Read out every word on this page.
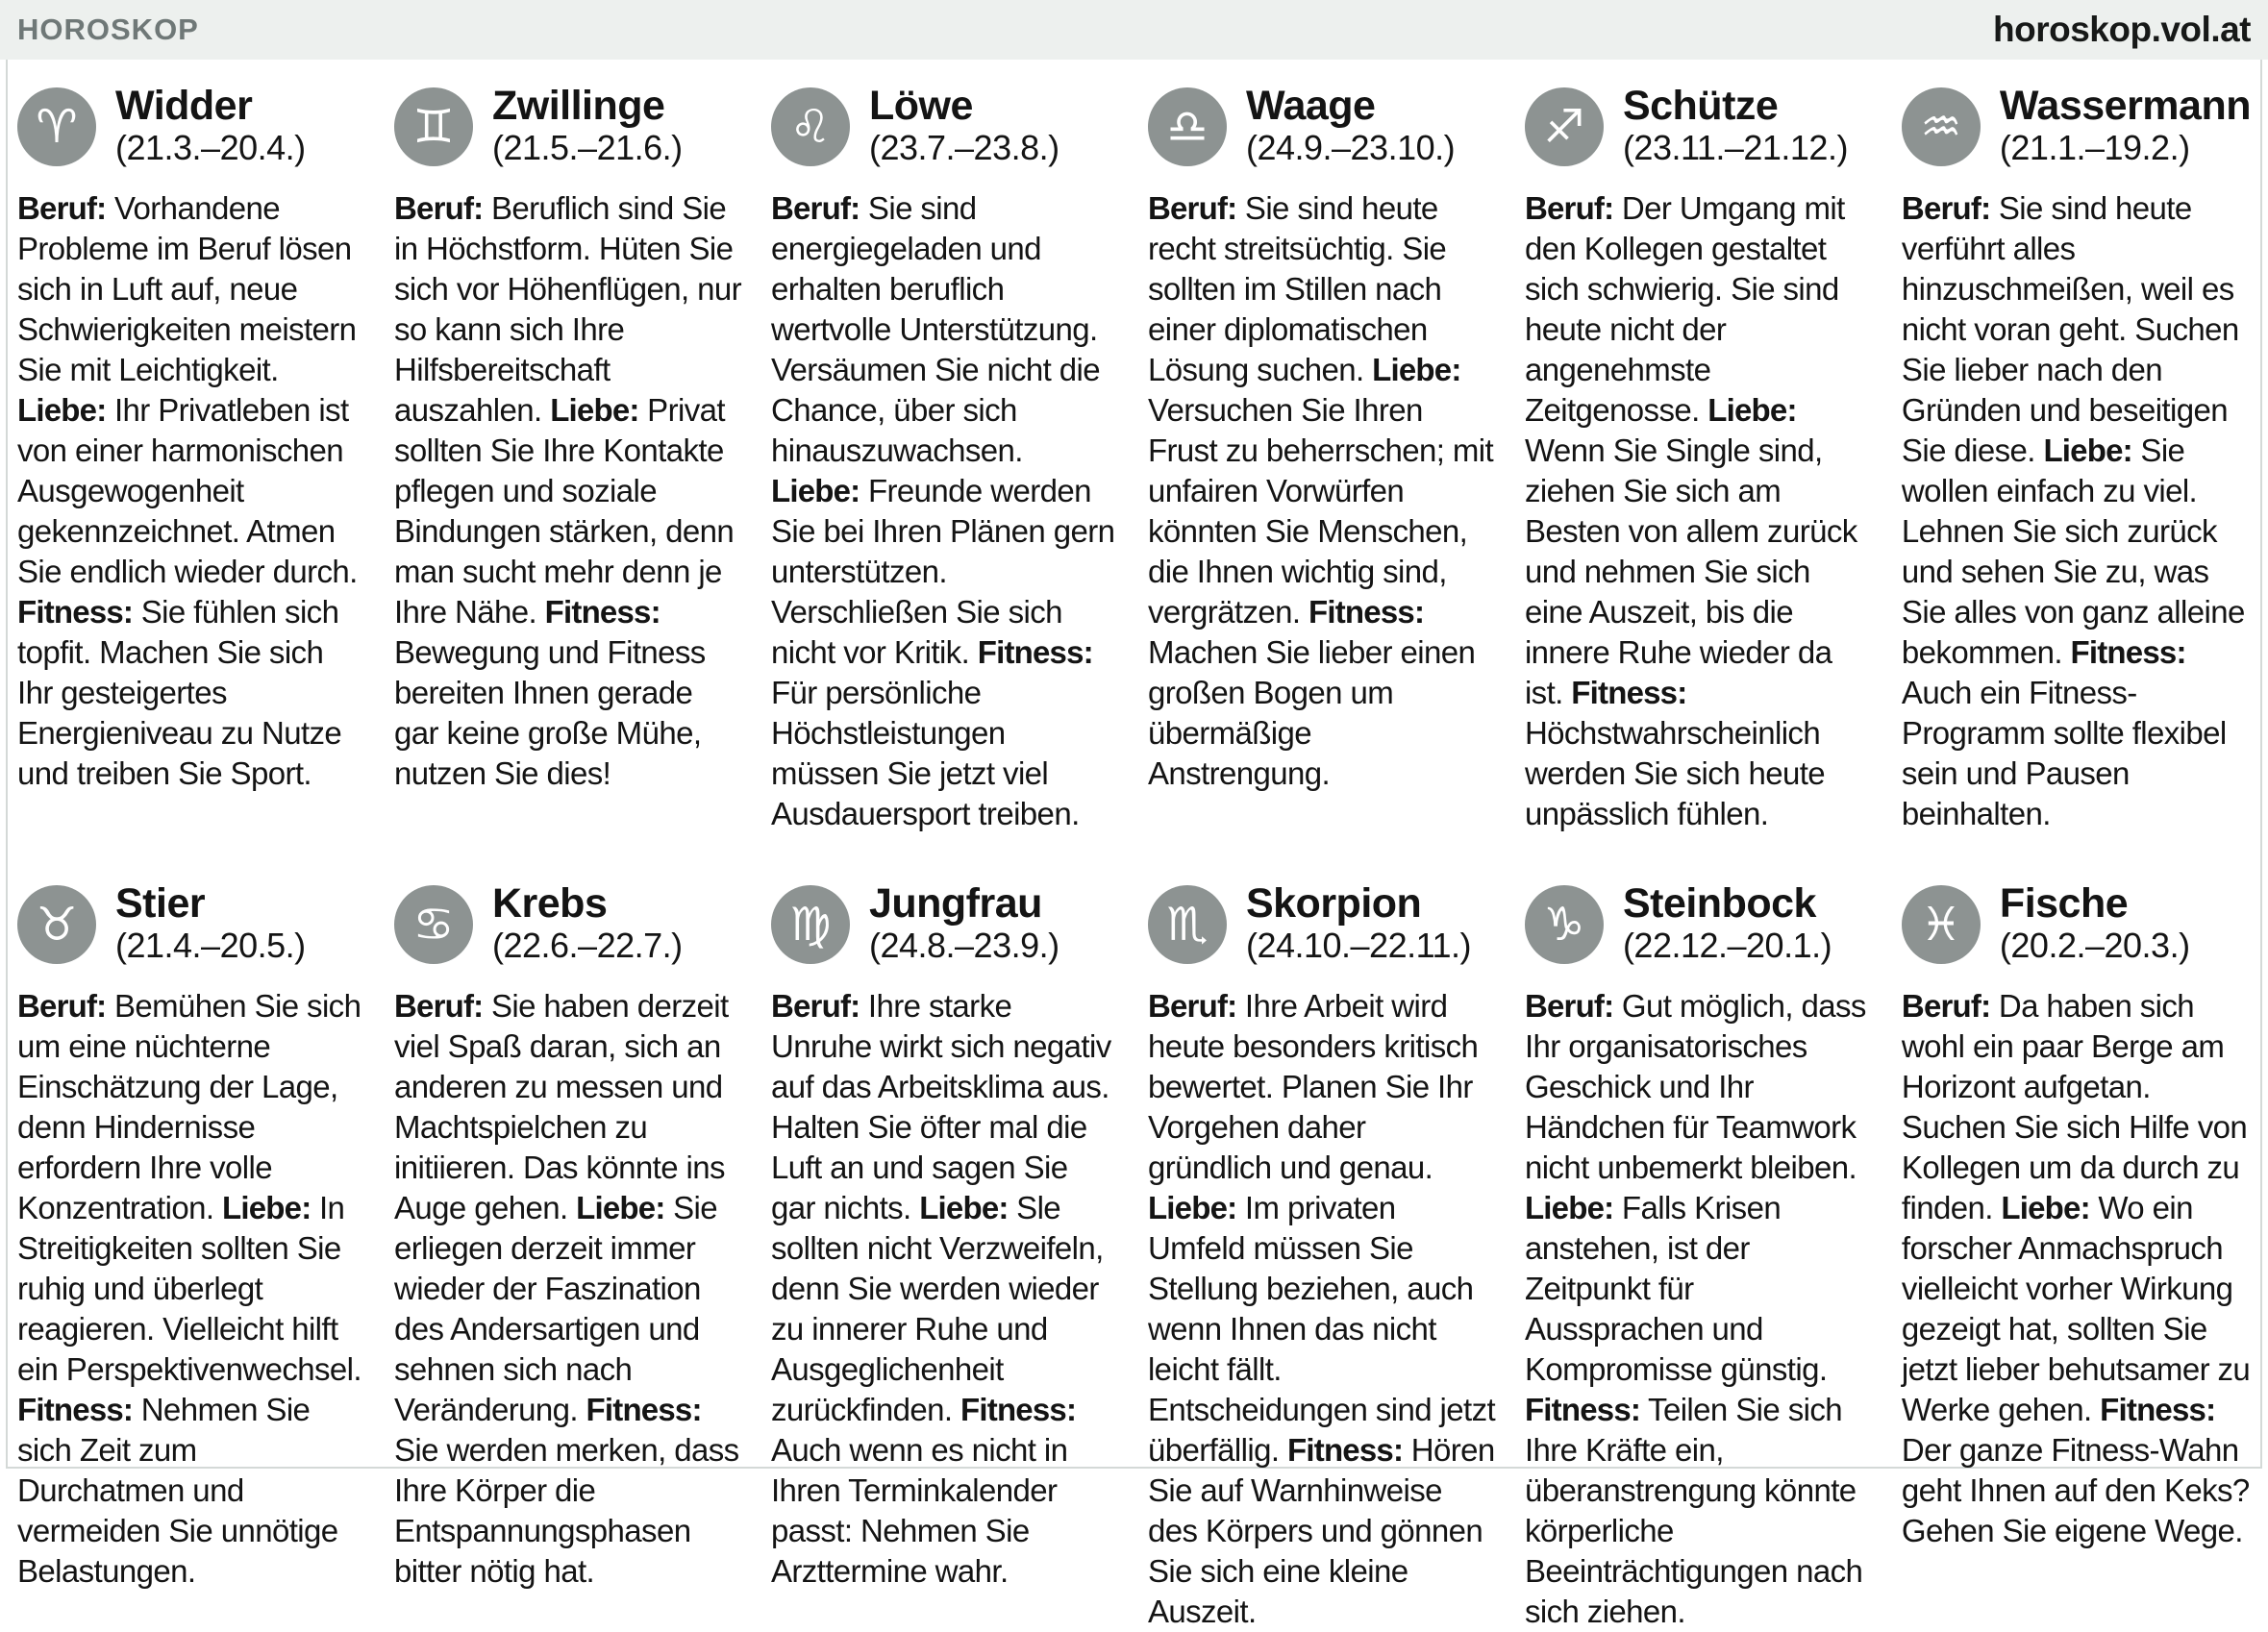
HOROSKOP	horoskop.vol.at
♈ Widder
(21.3.–20.4.)

Beruf: Vorhandene Probleme im Beruf lösen sich in Luft auf, neue Schwierigkeiten meistern Sie mit Leichtigkeit. Liebe: Ihr Privatleben ist von einer harmonischen Ausgewogenheit gekennzeichnet. Atmen Sie endlich wieder durch. Fitness: Sie fühlen sich topfit. Machen Sie sich Ihr gesteigertes Energieniveau zu Nutze und treiben Sie Sport.

♊ Zwillinge
(21.5.–21.6.)

Beruf: Beruflich sind Sie in Höchstform. Hüten Sie sich vor Höhenflügen, nur so kann sich Ihre Hilfsbereitschaft auszahlen. Liebe: Privat sollten Sie Ihre Kontakte pflegen und soziale Bindungen stärken, denn man sucht mehr denn je Ihre Nähe. Fitness: Bewegung und Fitness bereiten Ihnen gerade gar keine große Mühe, nutzen Sie dies!

♌ Löwe
(23.7.–23.8.)

Beruf: Sie sind energiegeladen und erhalten beruflich wertvolle Unterstützung. Versäumen Sie nicht die Chance, über sich hinauszuwachsen. Liebe: Freunde werden Sie bei Ihren Plänen gern unterstützen. Verschließen Sie sich nicht vor Kritik. Fitness: Für persönliche Höchstleistungen müssen Sie jetzt viel Ausdauersport treiben.

♎ Waage
(24.9.–23.10.)

Beruf: Sie sind heute recht streitsüchtig. Sie sollten im Stillen nach einer diplomatischen Lösung suchen. Liebe: Versuchen Sie Ihren Frust zu beherrschen; mit unfairen Vorwürfen könnten Sie Menschen, die Ihnen wichtig sind, vergrätzen. Fitness: Machen Sie lieber einen großen Bogen um übermäßige Anstrengung.

♐ Schütze
(23.11.–21.12.)

Beruf: Der Umgang mit den Kollegen gestaltet sich schwierig. Sie sind heute nicht der angenehmste Zeitgenosse. Liebe: Wenn Sie Single sind, ziehen Sie sich am Besten von allem zurück und nehmen Sie sich eine Auszeit, bis die innere Ruhe wieder da ist. Fitness: Höchstwahrscheinlich werden Sie sich heute unpässlich fühlen.

♒ Wassermann
(21.1.–19.2.)

Beruf: Sie sind heute verführt alles hinzuschmeißen, weil es nicht voran geht. Suchen Sie lieber nach den Gründen und beseitigen Sie diese. Liebe: Sie wollen einfach zu viel. Lehnen Sie sich zurück und sehen Sie zu, was Sie alles von ganz alleine bekommen. Fitness: Auch ein Fitness-Programm sollte flexibel sein und Pausen beinhalten.

♉ Stier
(21.4.–20.5.)

Beruf: Bemühen Sie sich um eine nüchterne Einschätzung der Lage, denn Hindernisse erfordern Ihre volle Konzentration. Liebe: In Streitigkeiten sollten Sie ruhig und überlegt reagieren. Vielleicht hilft ein Perspektivenwechsel. Fitness: Nehmen Sie sich Zeit zum Durchatmen und vermeiden Sie unnötige Belastungen.

♋ Krebs
(22.6.–22.7.)

Beruf: Sie haben derzeit viel Spaß daran, sich an anderen zu messen und Machtspielchen zu initiieren. Das könnte ins Auge gehen. Liebe: Sie erliegen derzeit immer wieder der Faszination des Andersartigen und sehnen sich nach Veränderung. Fitness: Sie werden merken, dass Ihre Körper die Entspannungsphasen bitter nötig hat.

♍ Jungfrau
(24.8.–23.9.)

Beruf: Ihre starke Unruhe wirkt sich negativ auf das Arbeitsklima aus. Halten Sie öfter mal die Luft an und sagen Sie gar nichts. Liebe: Sle sollten nicht Verzweifeln, denn Sie werden wieder zu innerer Ruhe und Ausgeglichenheit zurückfinden. Fitness: Auch wenn es nicht in Ihren Terminkalender passt: Nehmen Sie Arzttermine wahr.

♏ Skorpion
(24.10.–22.11.)

Beruf: Ihre Arbeit wird heute besonders kritisch bewertet. Planen Sie Ihr Vorgehen daher gründlich und genau. Liebe: Im privaten Umfeld müssen Sie Stellung beziehen, auch wenn Ihnen das nicht leicht fällt. Entscheidungen sind jetzt überfällig. Fitness: Hören Sie auf Warnhinweise des Körpers und gönnen Sie sich eine kleine Auszeit.

♑ Steinbock
(22.12.–20.1.)

Beruf: Gut möglich, dass Ihr organisatorisches Geschick und Ihr Händchen für Teamwork nicht unbemerkt bleiben. Liebe: Falls Krisen anstehen, ist der Zeitpunkt für Aussprachen und Kompromisse günstig. Fitness: Teilen Sie sich Ihre Kräfte ein, überanstrengung könnte körperliche Beeinträchtigungen nach sich ziehen.

♓ Fische
(20.2.–20.3.)

Beruf: Da haben sich wohl ein paar Berge am Horizont aufgetan. Suchen Sie sich Hilfe von Kollegen um da durch zu finden. Liebe: Wo ein forscher Anmachspruch vielleicht vorher Wirkung gezeigt hat, sollten Sie jetzt lieber behutsamer zu Werke gehen. Fitness: Der ganze Fitness-Wahn geht Ihnen auf den Keks? Gehen Sie eigene Wege.
